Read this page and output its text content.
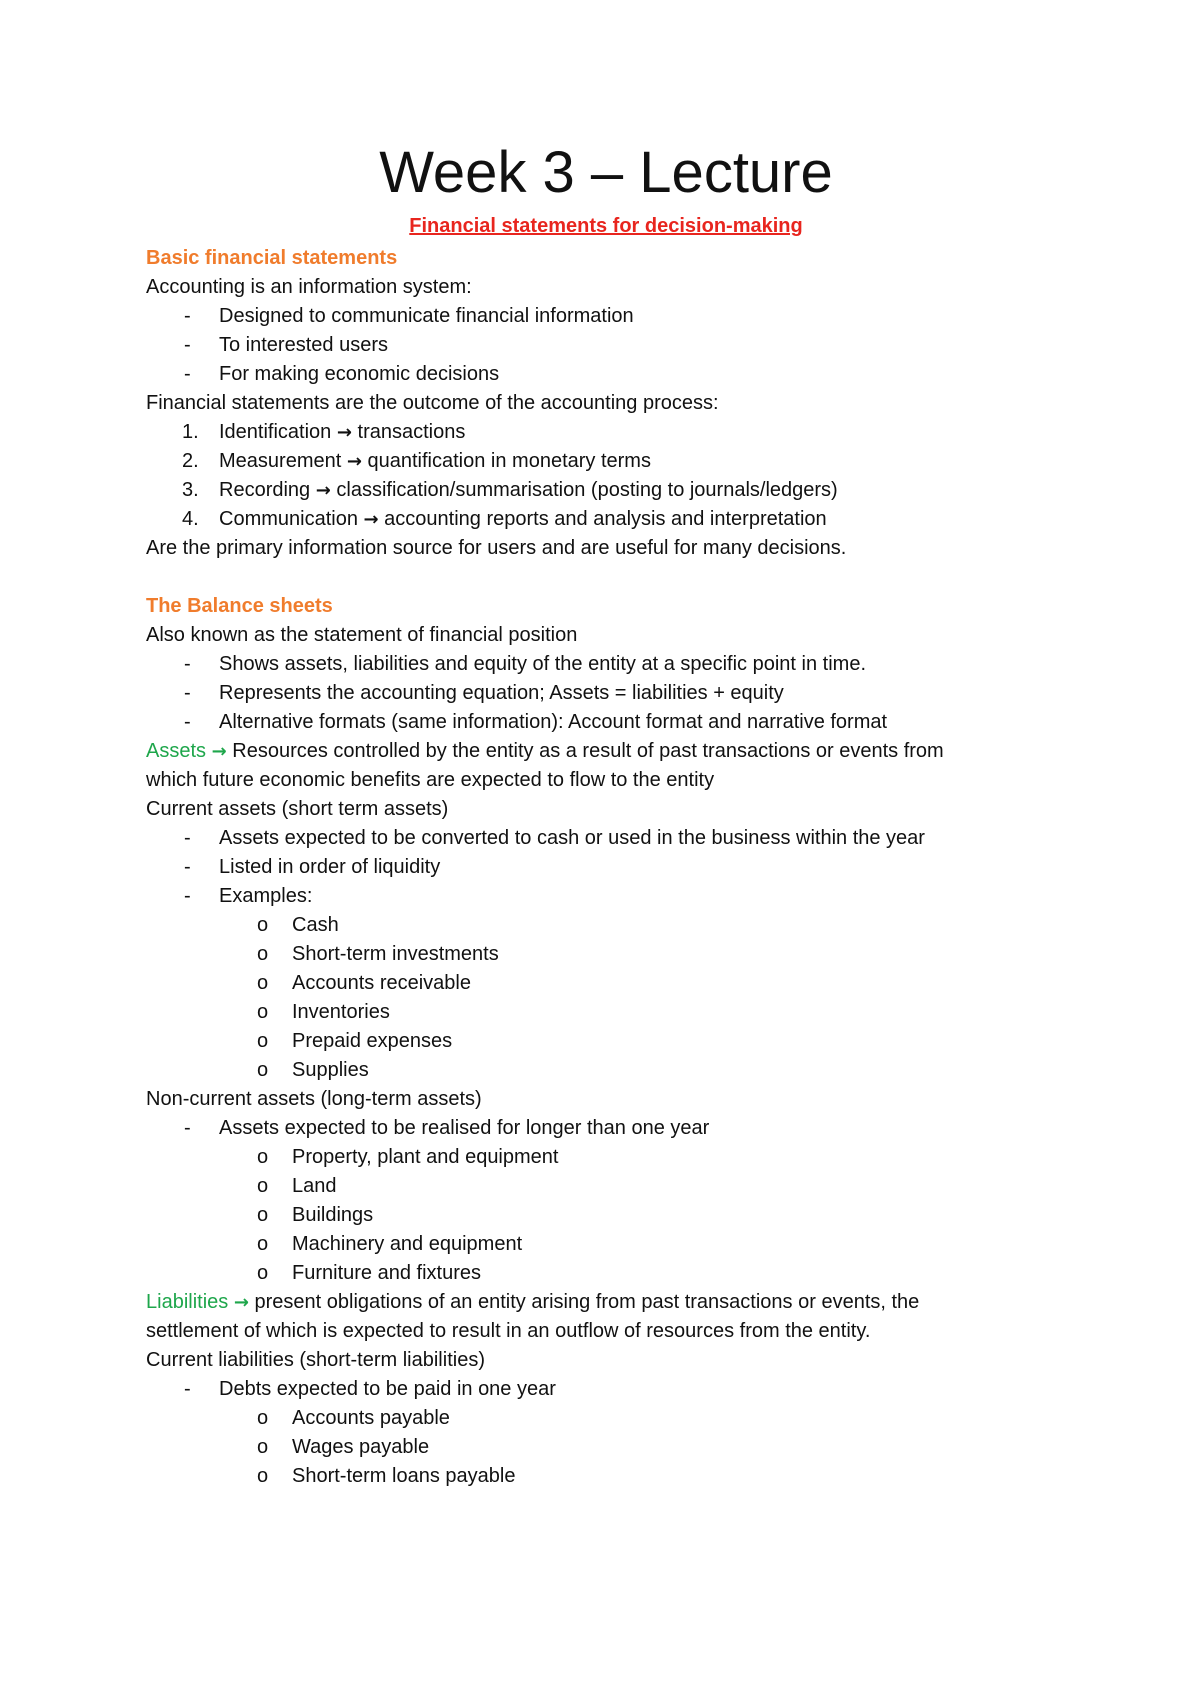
Week 3 – Lecture
Financial statements for decision-making
Basic financial statements
Accounting is an information system:
-	Designed to communicate financial information
-	To interested users
-	For making economic decisions
Financial statements are the outcome of the accounting process:
1. Identification → transactions
2. Measurement → quantification in monetary terms
3. Recording → classification/summarisation (posting to journals/ledgers)
4. Communication → accounting reports and analysis and interpretation
Are the primary information source for users and are useful for many decisions.
The Balance sheets
Also known as the statement of financial position
-	Shows assets, liabilities and equity of the entity at a specific point in time.
-	Represents the accounting equation; Assets = liabilities + equity
-	Alternative formats (same information): Account format and narrative format
Assets → Resources controlled by the entity as a result of past transactions or events from
which future economic benefits are expected to flow to the entity
Current assets (short term assets)
-	Assets expected to be converted to cash or used in the business within the year
-	Listed in order of liquidity
-	Examples:
o Cash
o Short-term investments
o Accounts receivable
o Inventories
o Prepaid expenses
o Supplies
Non-current assets (long-term assets)
-	Assets expected to be realised for longer than one year
o Property, plant and equipment
o Land
o Buildings
o Machinery and equipment
o Furniture and fixtures
Liabilities → present obligations of an entity arising from past transactions or events, the
settlement of which is expected to result in an outflow of resources from the entity.
Current liabilities (short-term liabilities)
-	Debts expected to be paid in one year
o Accounts payable
o Wages payable
o Short-term loans payable
